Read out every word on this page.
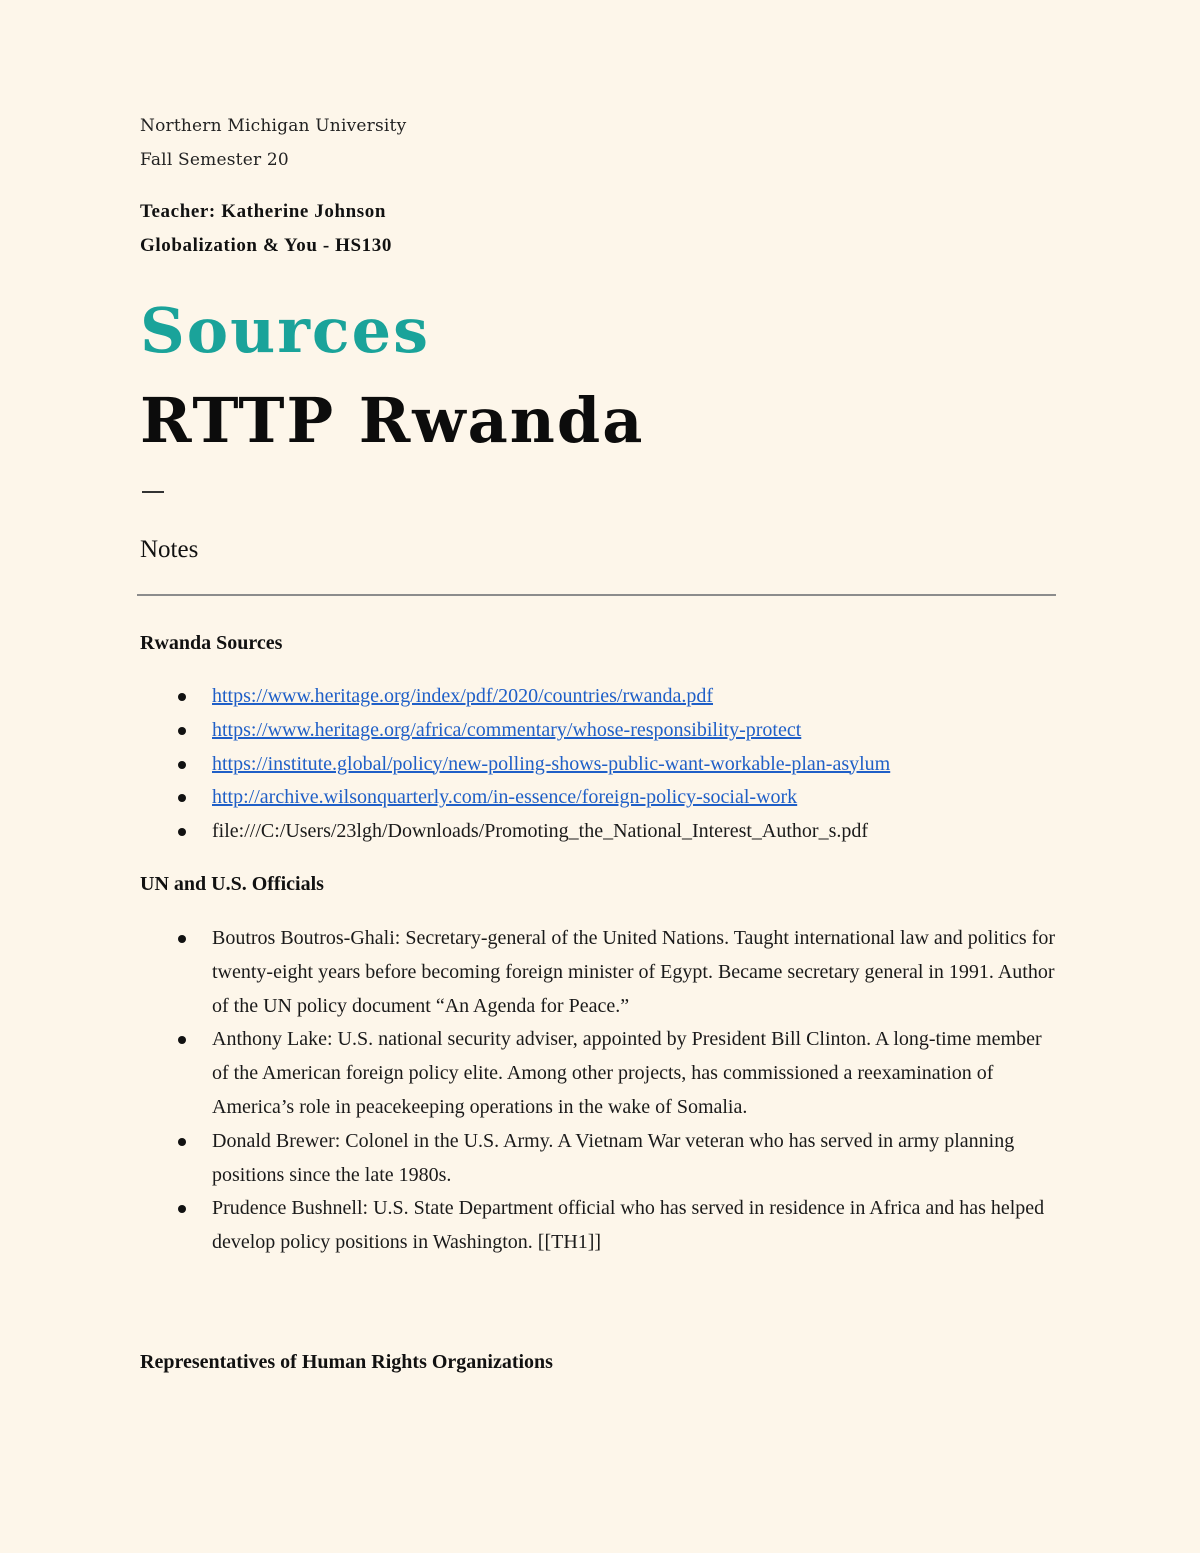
Northern Michigan University
Fall Semester 20
Teacher: Katherine Johnson
Globalization & You - HS130
Sources
RTTP Rwanda
Notes
Rwanda Sources
https://www.heritage.org/index/pdf/2020/countries/rwanda.pdf
https://www.heritage.org/africa/commentary/whose-responsibility-protect
https://institute.global/policy/new-polling-shows-public-want-workable-plan-asylum
http://archive.wilsonquarterly.com/in-essence/foreign-policy-social-work
file:///C:/Users/23lgh/Downloads/Promoting_the_National_Interest_Author_s.pdf
UN and U.S. Officials
Boutros Boutros-Ghali: Secretary-general of the United Nations. Taught international law and politics for twenty-eight years before becoming foreign minister of Egypt. Became secretary general in 1991. Author of the UN policy document “An Agenda for Peace.”
Anthony Lake: U.S. national security adviser, appointed by President Bill Clinton. A long-time member of the American foreign policy elite. Among other projects, has commissioned a reexamination of America’s role in peacekeeping operations in the wake of Somalia.
Donald Brewer: Colonel in the U.S. Army. A Vietnam War veteran who has served in army planning positions since the late 1980s.
Prudence Bushnell: U.S. State Department official who has served in residence in Africa and has helped develop policy positions in Washington. [[TH1]]
Representatives of Human Rights Organizations
